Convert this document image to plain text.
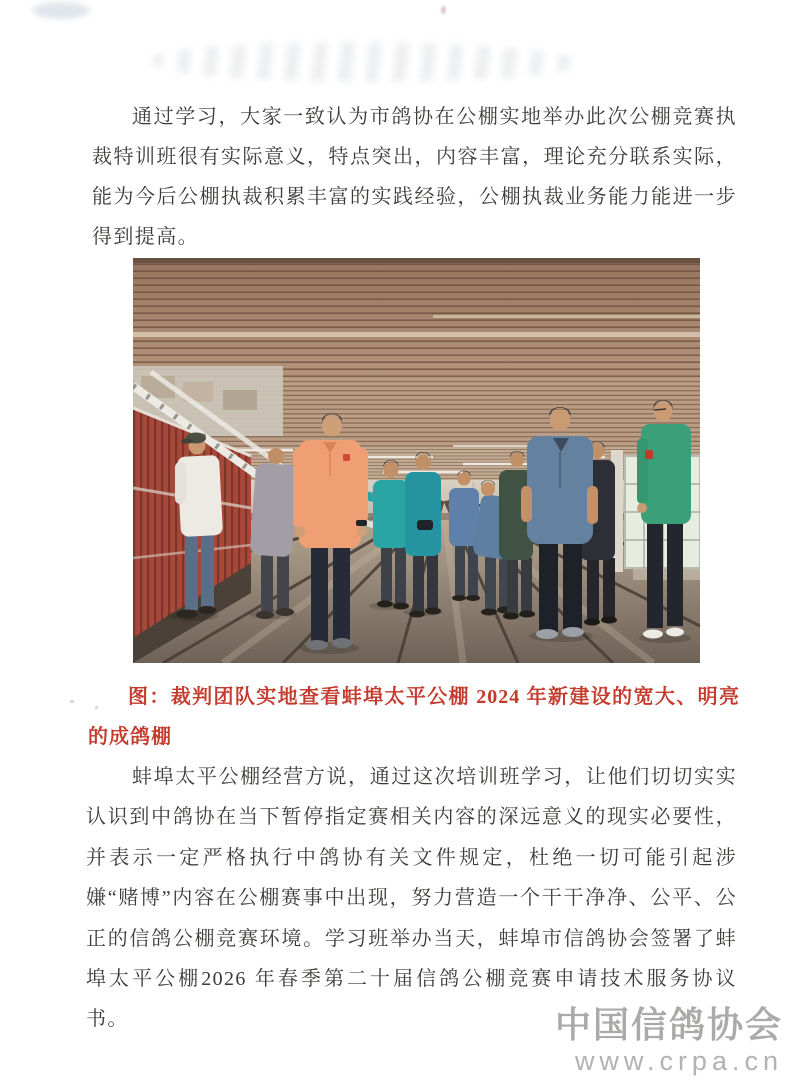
通过学习，大家一致认为市鸽协在公棚实地举办此次公棚竞赛执裁特训班很有实际意义，特点突出，内容丰富，理论充分联系实际，能为今后公棚执裁积累丰富的实践经验，公棚执裁业务能力能进一步得到提高。
图：裁判团队实地查看蚌埠太平公棚 2024 年新建设的宽大、明亮的成鸽棚
蚌埠太平公棚经营方说，通过这次培训班学习，让他们切切实实认识到中鸽协在当下暂停指定赛相关内容的深远意义的现实必要性，并表示一定严格执行中鸽协有关文件规定，杜绝一切可能引起涉嫌“赌博”内容在公棚赛事中出现，努力营造一个干干净净、公平、公正的信鸽公棚竞赛环境。学习班举办当天，蚌埠市信鸽协会签署了蚌埠太平公棚2026 年春季第二十届信鸽公棚竞赛申请技术服务协议书。	中国信鸽协会
www.crpa.cn
